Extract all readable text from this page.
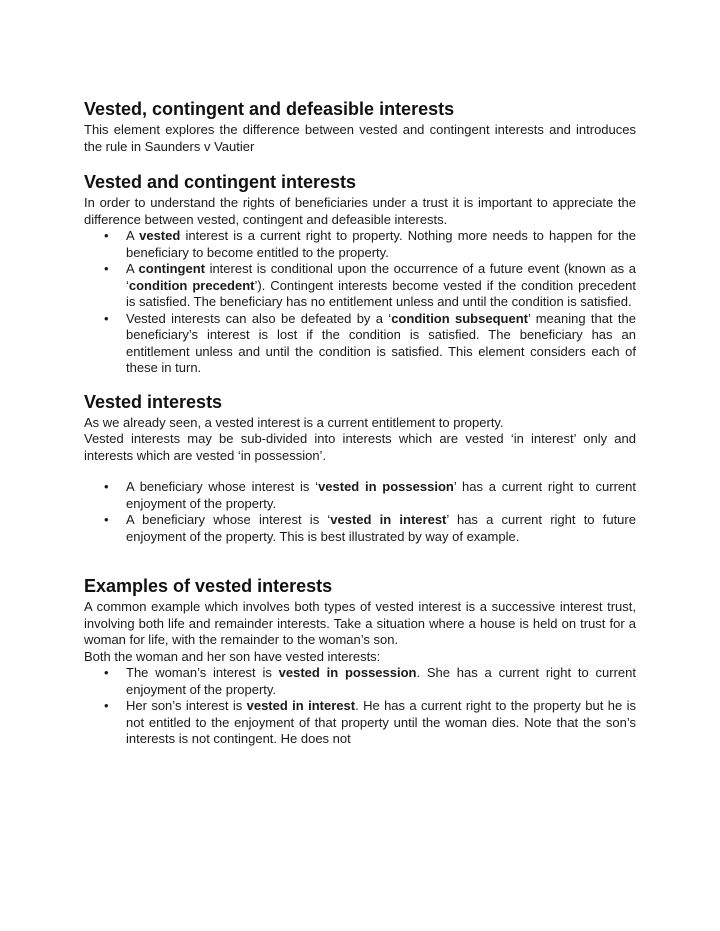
Vested, contingent and defeasible interests

This element explores the difference between vested and contingent interests and introduces the rule in Saunders v Vautier

Vested and contingent interests

In order to understand the rights of beneficiaries under a trust it is important to appreciate the difference between vested, contingent and defeasible interests.

• A vested interest is a current right to property. Nothing more needs to happen for the beneficiary to become entitled to the property.
• A contingent interest is conditional upon the occurrence of a future event (known as a ‘condition precedent’). Contingent interests become vested if the condition precedent is satisfied. The beneficiary has no entitlement unless and until the condition is satisfied.
• Vested interests can also be defeated by a ‘condition subsequent’ meaning that the beneficiary’s interest is lost if the condition is satisfied. The beneficiary has an entitlement unless and until the condition is satisfied. This element considers each of these in turn.
Vested interests

As we already seen, a vested interest is a current entitlement to property.

Vested interests may be sub-divided into interests which are vested ‘in interest’ only and interests which are vested ‘in possession’.

• A beneficiary whose interest is ‘vested in possession’ has a current right to current enjoyment of the property.
• A beneficiary whose interest is ‘vested in interest’ has a current right to future enjoyment of the property. This is best illustrated by way of example.
Examples of vested interests

A common example which involves both types of vested interest is a successive interest trust, involving both life and remainder interests. Take a situation where a house is held on trust for a woman for life, with the remainder to the woman’s son.

Both the woman and her son have vested interests:

• The woman’s interest is vested in possession. She has a current right to current enjoyment of the property.
• Her son’s interest is vested in interest. He has a current right to the property but he is not entitled to the enjoyment of that property until the woman dies. Note that the son’s interests is not contingent. He does not
